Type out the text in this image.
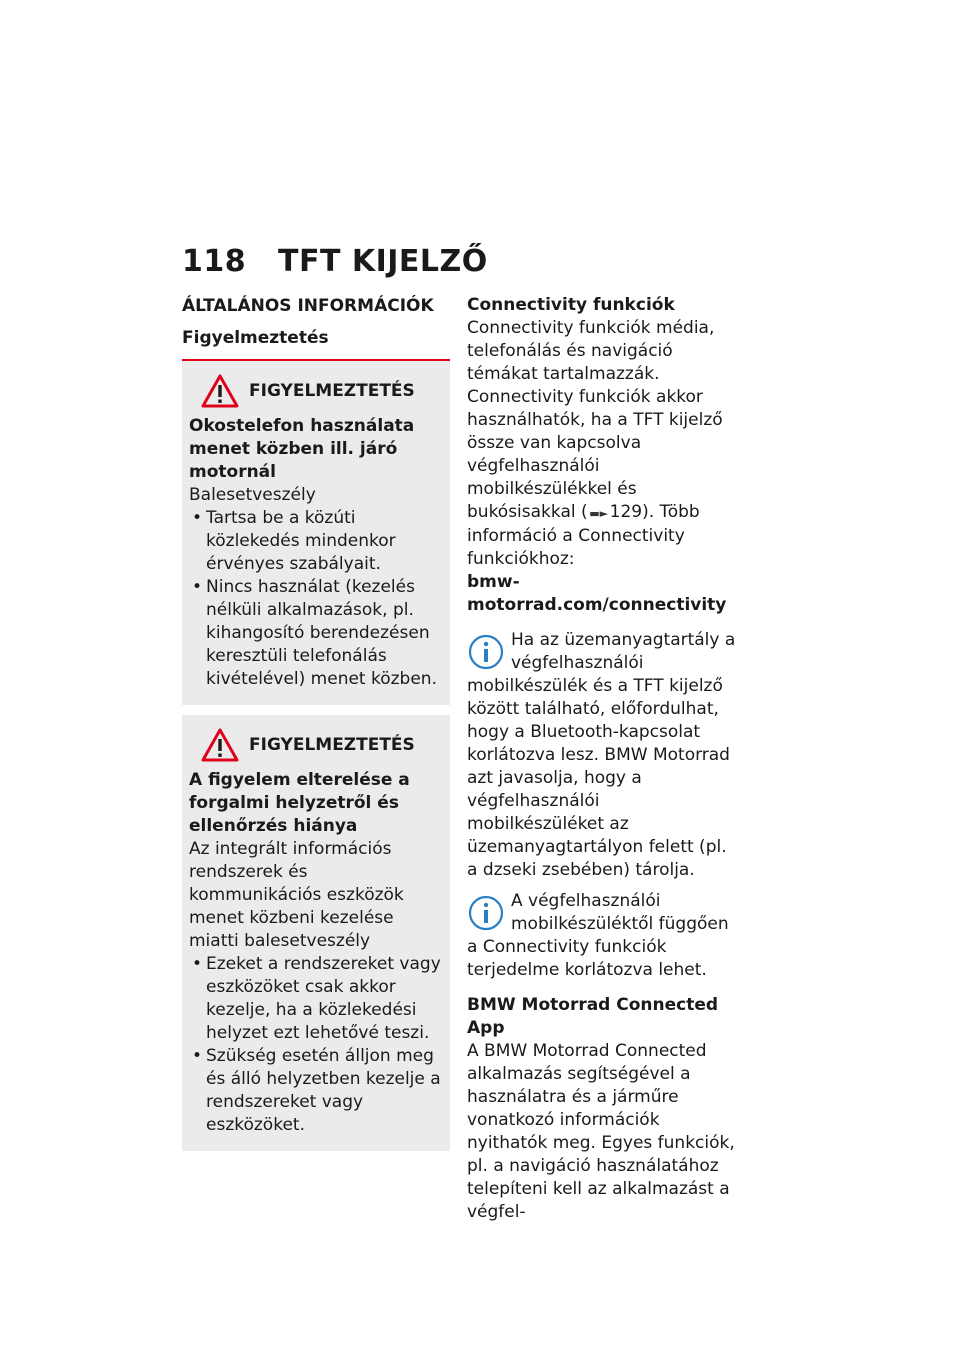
118 TFT KIJELZŐ
ÁLTALÁNOS INFORMÁCIÓK
Figyelmeztetés
FIGYELMEZTETÉS
Okostelefon használata menet közben ill. járó motornál
Balesetveszély
• Tartsa be a közúti közlekedés mindenkor érvényes szabályait.
• Nincs használat (kezelés nélküli alkalmazások, pl. kihangosító berendezésen keresztüli telefonálás kivételével) menet közben.
FIGYELMEZTETÉS
A figyelem elterelése a forgalmi helyzetről és ellenőrzés hiánya
Az integrált információs rendszerek és kommunikációs eszközök menet közbeni kezelése miatti balesetveszély
• Ezeket a rendszereket vagy eszközöket csak akkor kezelje, ha a közlekedési helyzet ezt lehetővé teszi.
• Szükség esetén álljon meg és álló helyzetben kezelje a rendszereket vagy eszközöket.
Connectivity funkciók
Connectivity funkciók média, telefonálás és navigáció témákat tartalmazzák. Connectivity funkciók akkor használhatók, ha a TFT kijelző össze van kapcsolva végfelhasználói mobilkészülékkel és bukósisakkal ( ▬►129). Több információ a Connectivity funkciókhoz:
bmw-motorrad.com/connectivity
Ha az üzemanyagtartály a végfelhasználói mobilkészülék és a TFT kijelző között található, előfordulhat, hogy a Bluetooth-kapcsolat korlátozva lesz. BMW Motorrad azt javasolja, hogy a végfelhasználói mobilkészüléket az üzemanyagtartályon felett (pl. a dzseki zsebében) tárolja.
A végfelhasználói mobilkészüléktől függően a Connectivity funkciók terjedelme korlátozva lehet.
BMW Motorrad Connected App
A BMW Motorrad Connected alkalmazás segítségével a használatra és a járműre vonatkozó információk nyithatók meg. Egyes funkciók, pl. a navigáció használatához telepíteni kell az alkalmazást a végfel-
